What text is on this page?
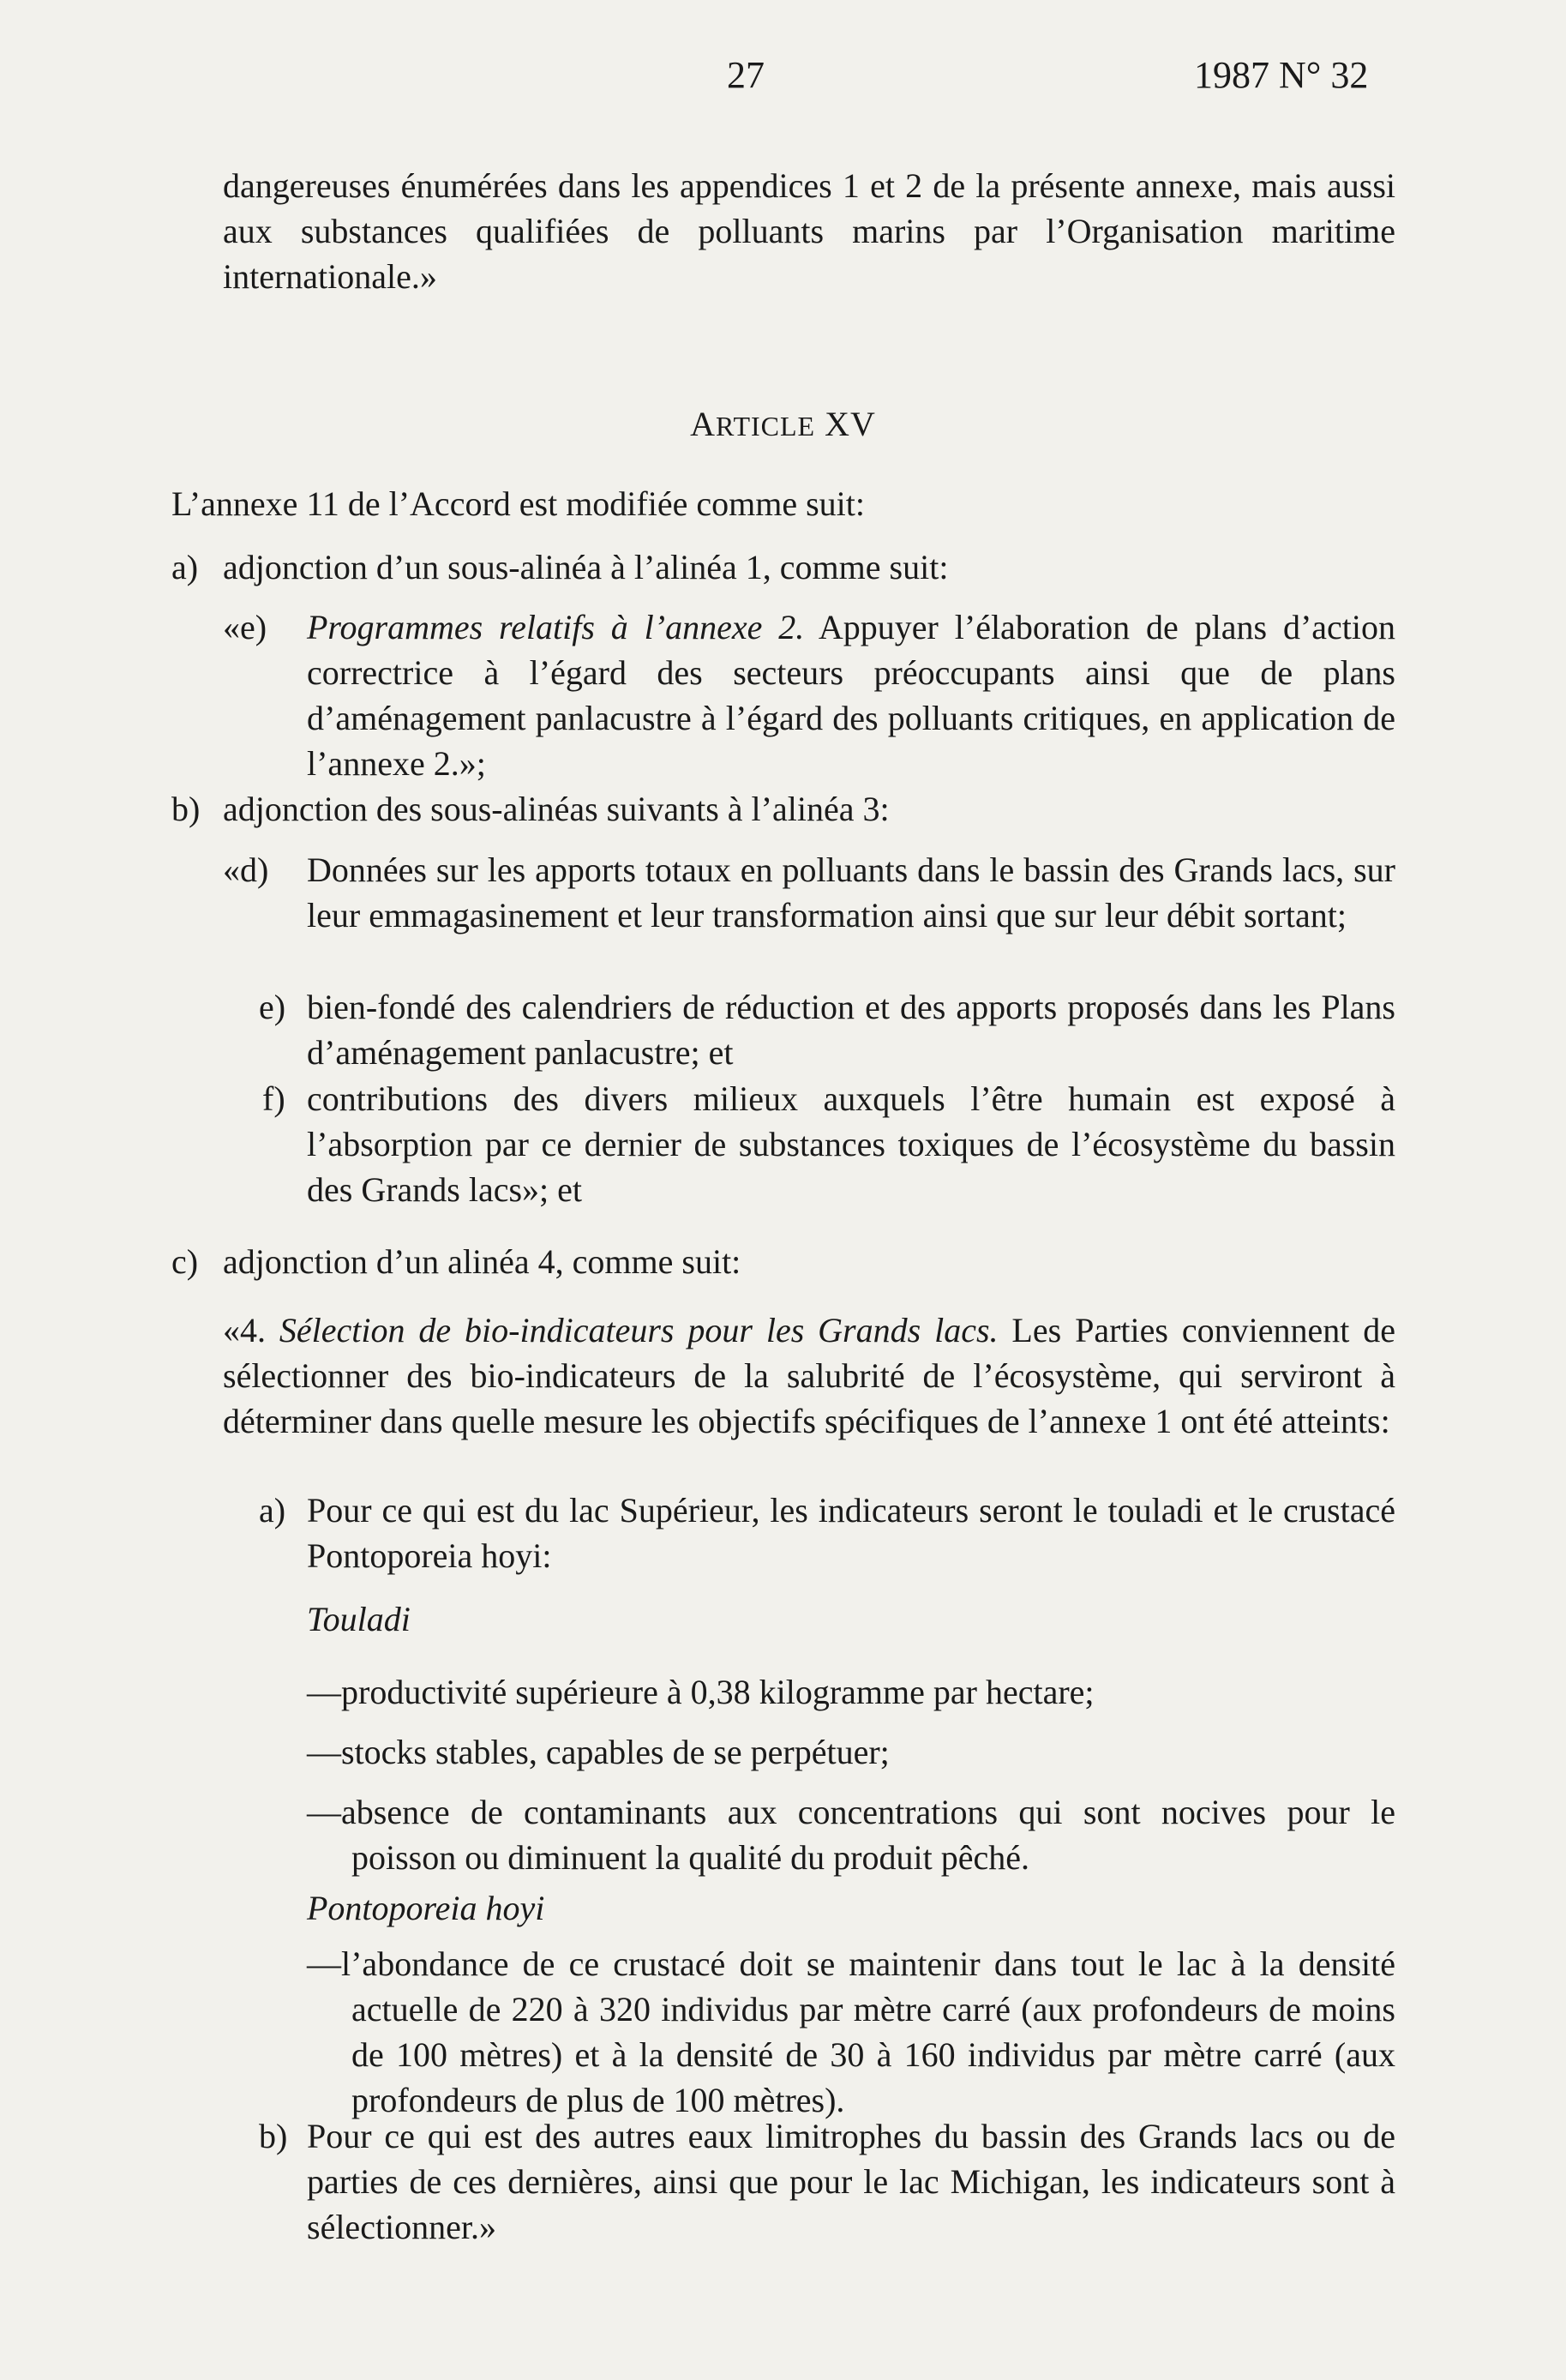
27	1987 N° 32
dangereuses énumérées dans les appendices 1 et 2 de la présente annexe, mais aussi aux substances qualifiées de polluants marins par l’Organisation maritime internationale.»
ARTICLE XV
L’annexe 11 de l’Accord est modifiée comme suit:
a) adjonction d’un sous-alinéa à l’alinéa 1, comme suit:
«e) Programmes relatifs à l’annexe 2. Appuyer l’élaboration de plans d’action correctrice à l’égard des secteurs préoccupants ainsi que de plans d’aménagement panlacustre à l’égard des polluants critiques, en application de l’annexe 2.»;
b) adjonction des sous-alinéas suivants à l’alinéa 3:
«d) Données sur les apports totaux en polluants dans le bassin des Grands lacs, sur leur emmagasinement et leur transformation ainsi que sur leur débit sortant;
e) bien-fondé des calendriers de réduction et des apports proposés dans les Plans d’aménagement panlacustre; et
f) contributions des divers milieux auxquels l’être humain est exposé à l’absorption par ce dernier de substances toxiques de l’écosystème du bassin des Grands lacs»; et
c) adjonction d’un alinéa 4, comme suit:
«4. Sélection de bio-indicateurs pour les Grands lacs. Les Parties conviennent de sélectionner des bio-indicateurs de la salubrité de l’écosystème, qui serviront à déterminer dans quelle mesure les objectifs spécifiques de l’annexe 1 ont été atteints:
a) Pour ce qui est du lac Supérieur, les indicateurs seront le touladi et le crustacé Pontoporeia hoyi:
Touladi
—productivité supérieure à 0,38 kilogramme par hectare;
—stocks stables, capables de se perpétuer;
—absence de contaminants aux concentrations qui sont nocives pour le poisson ou diminuent la qualité du produit pêché.
Pontoporeia hoyi
—l’abondance de ce crustacé doit se maintenir dans tout le lac à la densité actuelle de 220 à 320 individus par mètre carré (aux profondeurs de moins de 100 mètres) et à la densité de 30 à 160 individus par mètre carré (aux profondeurs de plus de 100 mètres).
b) Pour ce qui est des autres eaux limitrophes du bassin des Grands lacs ou de parties de ces dernières, ainsi que pour le lac Michigan, les indicateurs sont à sélectionner.»
